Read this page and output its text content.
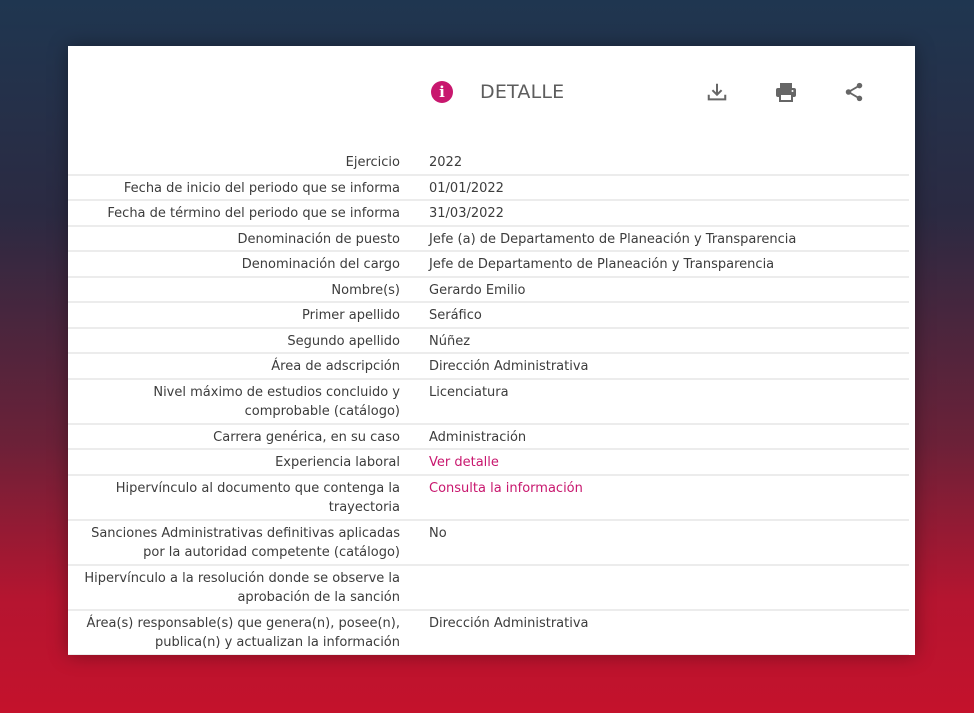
i	DETALLE
Ejercicio 2022
Fecha de inicio del periodo que se informa 01/01/2022
Fecha de término del periodo que se informa 31/03/2022
Denominación de puesto Jefe (a) de Departamento de Planeación y Transparencia
Denominación del cargo Jefe de Departamento de Planeación y Transparencia
Nombre(s) Gerardo Emilio
Primer apellido Seráfico
Segundo apellido Núñez
Área de adscripción Dirección Administrativa
Nivel máximo de estudios concluido y
comprobable (catálogo)
Licenciatura
Carrera genérica, en su caso Administración
Experiencia laboral Ver detalle
Hipervínculo al documento que contenga la
trayectoria
Consulta la información
Sanciones Administrativas definitivas aplicadas
por la autoridad competente (catálogo)
No
Hipervínculo a la resolución donde se observe la
aprobación de la sanción
Área(s) responsable(s) que genera(n), posee(n),
publica(n) y actualizan la información
Dirección Administrativa
